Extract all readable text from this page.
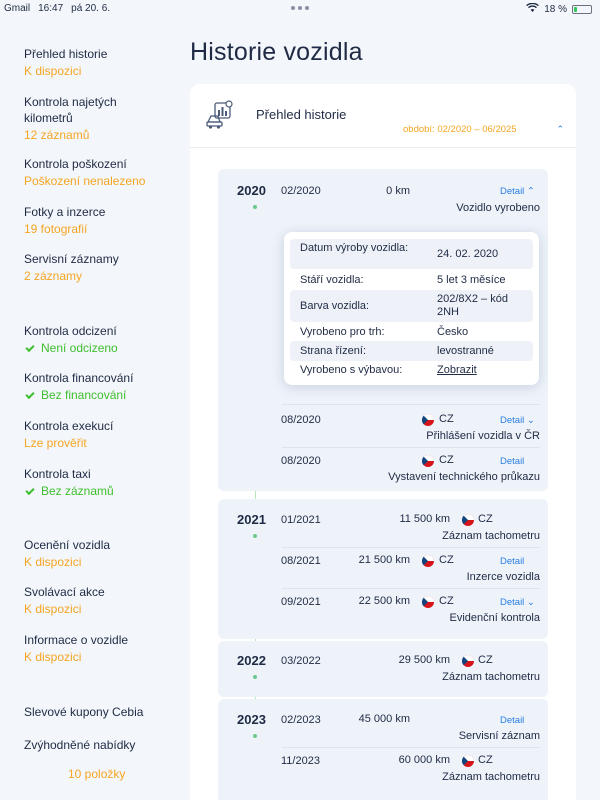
Gmail 16:47 pá 20. 6.	18 %
Přehled historie
K dispozici
Kontrola najetých kilometrů
12 záznamů
Kontrola poškození
Poškození nenalezeno
Fotky a inzerce
19 fotografií
Servisní záznamy
2 záznamy
Kontrola odcizení
Není odcizeno
Kontrola financování
Bez financování
Kontrola exekucí
Lze prověřit
Kontrola taxi
Bez záznamů
Ocenění vozidla
K dispozici
Svolávací akce
K dispozici
Informace o vozidle
K dispozici
Slevové kupony Cebia
Zvýhodněné nabídky
10 položky
Historie vozidla
Přehled historie
období: 02/2020 – 06/2025	⌃
2020 02/2020	0 km	Detail ⌃
Vozidlo vyrobeno
08/2020	CZ	Detail ⌄
Přihlášení vozidla v ČR
08/2020	CZ	Detail
Vystavení technického průkazu
Datum výroby vozidla:	24. 02. 2020
Stáří vozidla:	5 let 3 měsíce
Barva vozidla:
202/8X2 – kód 2NH
Vyrobeno pro trh:	Česko
Strana řízení:	levostranné
Vyrobeno s výbavou:	Zobrazit
2021 01/2021	11 500 km	CZ
Záznam tachometru
08/2021	21 500 km	CZ	Detail
Inzerce vozidla
09/2021	22 500 km	CZ	Detail ⌄
Evidenční kontrola
2022 03/2022	29 500 km	CZ
Záznam tachometru
2023 02/2023	45 000 km	Detail
Servisní záznam
11/2023	60 000 km	CZ
Záznam tachometru
